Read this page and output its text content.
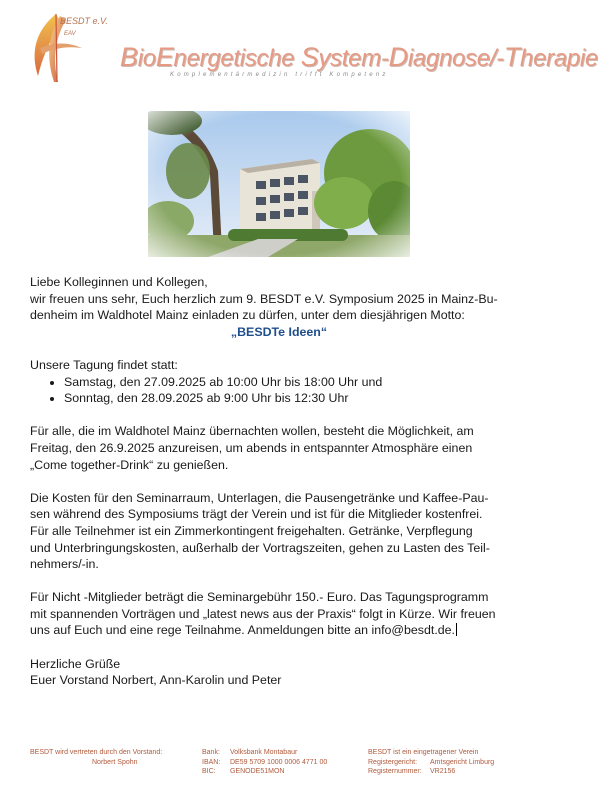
BESDT e.V.
EAV
BioEnergetische System-Diagnose/-Therapie
Komplementärmedizin trifft Kompetenz

Liebe Kolleginnen und Kollegen,

wir freuen uns sehr, Euch herzlich zum 9. BESDT e.V. Symposium 2025 in Mainz-Bu-

denheim im Waldhotel Mainz einladen zu dürfen, unter dem diesjährigen Motto:

„BESDTe Ideen“

Unsere Tagung findet statt:

• Samstag, den 27.09.2025 ab 10:00 Uhr bis 18:00 Uhr und
• Sonntag, den 28.09.2025 ab 9:00 Uhr bis 12:30 Uhr

Für alle, die im Waldhotel Mainz übernachten wollen, besteht die Möglichkeit, am

Freitag, den 26.9.2025 anzureisen, um abends in entspannter Atmosphäre einen

„Come together-Drink“ zu genießen.

Die Kosten für den Seminarraum, Unterlagen, die Pausengetränke und Kaffee-Pau-

sen während des Symposiums trägt der Verein und ist für die Mitglieder kostenfrei.

Für alle Teilnehmer ist ein Zimmerkontingent freigehalten. Getränke, Verpflegung

und Unterbringungskosten, außerhalb der Vortragszeiten, gehen zu Lasten des Teil-

nehmers/-in.

Für Nicht -Mitglieder beträgt die Seminargebühr 150.- Euro. Das Tagungsprogramm

mit spannenden Vorträgen und „latest news aus der Praxis“ folgt in Kürze. Wir freuen

uns auf Euch und eine rege Teilnahme. Anmeldungen bitte an info@besdt.de.

Herzliche Grüße

Euer Vorstand Norbert, Ann-Karolin und Peter

BESDT wird vertreten durch den Vorstand:
Norbert Spohn
Bank: Volksbank Montabaur
IBAN: DE59 5709 1000 0006 4771 00
BIC: GENODE51MON
BESDT ist ein eingetragener Verein
Registergericht: Amtsgericht Limburg
Registernummer: VR2156
